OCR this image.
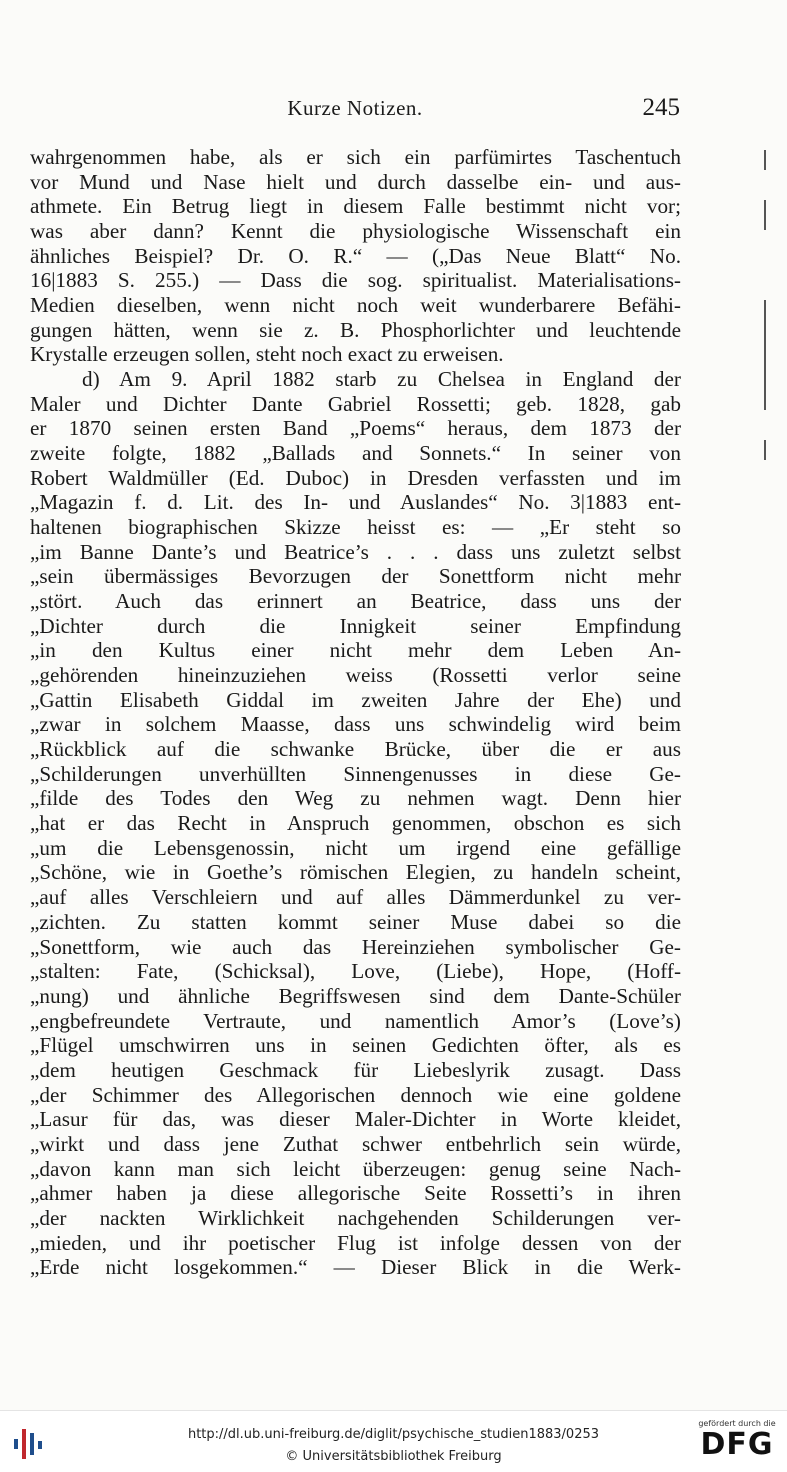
Kurze Notizen.	245
wahrgenommen habe, als er sich ein parfümirtes Taschentuch
vor Mund und Nase hielt und durch dasselbe ein- und aus-
athmete. Ein Betrug liegt in diesem Falle bestimmt nicht vor;
was aber dann? Kennt die physiologische Wissenschaft ein
ähnliches Beispiel? Dr. O. R.“ — („Das Neue Blatt“ No.
16|1883 S. 255.) — Dass die sog. spiritualist. Materialisations-
Medien dieselben, wenn nicht noch weit wunderbarere Befähi-
gungen hätten, wenn sie z. B. Phosphorlichter und leuchtende
Krystalle erzeugen sollen, steht noch exact zu erweisen.
d) Am 9. April 1882 starb zu Chelsea in England der
Maler und Dichter Dante Gabriel Rossetti; geb. 1828, gab
er 1870 seinen ersten Band „Poems“ heraus, dem 1873 der
zweite folgte, 1882 „Ballads and Sonnets.“ In seiner von
Robert Waldmüller (Ed. Duboc) in Dresden verfassten und im
„Magazin f. d. Lit. des In- und Auslandes“ No. 3|1883 ent-
haltenen biographischen Skizze heisst es: — „Er steht so
„im Banne Dante’s und Beatrice’s . . . dass uns zuletzt selbst
„sein übermässiges Bevorzugen der Sonettform nicht mehr
„stört. Auch das erinnert an Beatrice, dass uns der
„Dichter durch die Innigkeit seiner Empfindung
„in den Kultus einer nicht mehr dem Leben An-
„gehörenden hineinzuziehen weiss (Rossetti verlor seine
„Gattin Elisabeth Giddal im zweiten Jahre der Ehe) und
„zwar in solchem Maasse, dass uns schwindelig wird beim
„Rückblick auf die schwanke Brücke, über die er aus
„Schilderungen unverhüllten Sinnengenusses in diese Ge-
„filde des Todes den Weg zu nehmen wagt. Denn hier
„hat er das Recht in Anspruch genommen, obschon es sich
„um die Lebensgenossin, nicht um irgend eine gefällige
„Schöne, wie in Goethe’s römischen Elegien, zu handeln scheint,
„auf alles Verschleiern und auf alles Dämmerdunkel zu ver-
„zichten. Zu statten kommt seiner Muse dabei so die
„Sonettform, wie auch das Hereinziehen symbolischer Ge-
„stalten: Fate, (Schicksal), Love, (Liebe), Hope, (Hoff-
„nung) und ähnliche Begriffswesen sind dem Dante-Schüler
„engbefreundete Vertraute, und namentlich Amor’s (Love’s)
„Flügel umschwirren uns in seinen Gedichten öfter, als es
„dem heutigen Geschmack für Liebeslyrik zusagt. Dass
„der Schimmer des Allegorischen dennoch wie eine goldene
„Lasur für das, was dieser Maler-Dichter in Worte kleidet,
„wirkt und dass jene Zuthat schwer entbehrlich sein würde,
„davon kann man sich leicht überzeugen: genug seine Nach-
„ahmer haben ja diese allegorische Seite Rossetti’s in ihren
„der nackten Wirklichkeit nachgehenden Schilderungen ver-
„mieden, und ihr poetischer Flug ist infolge dessen von der
„Erde nicht losgekommen.“ — Dieser Blick in die Werk-
http://dl.ub.uni-freiburg.de/diglit/psychische_studien1883/0253
© Universitätsbibliothek Freiburg
gefördert durch die
DFG
